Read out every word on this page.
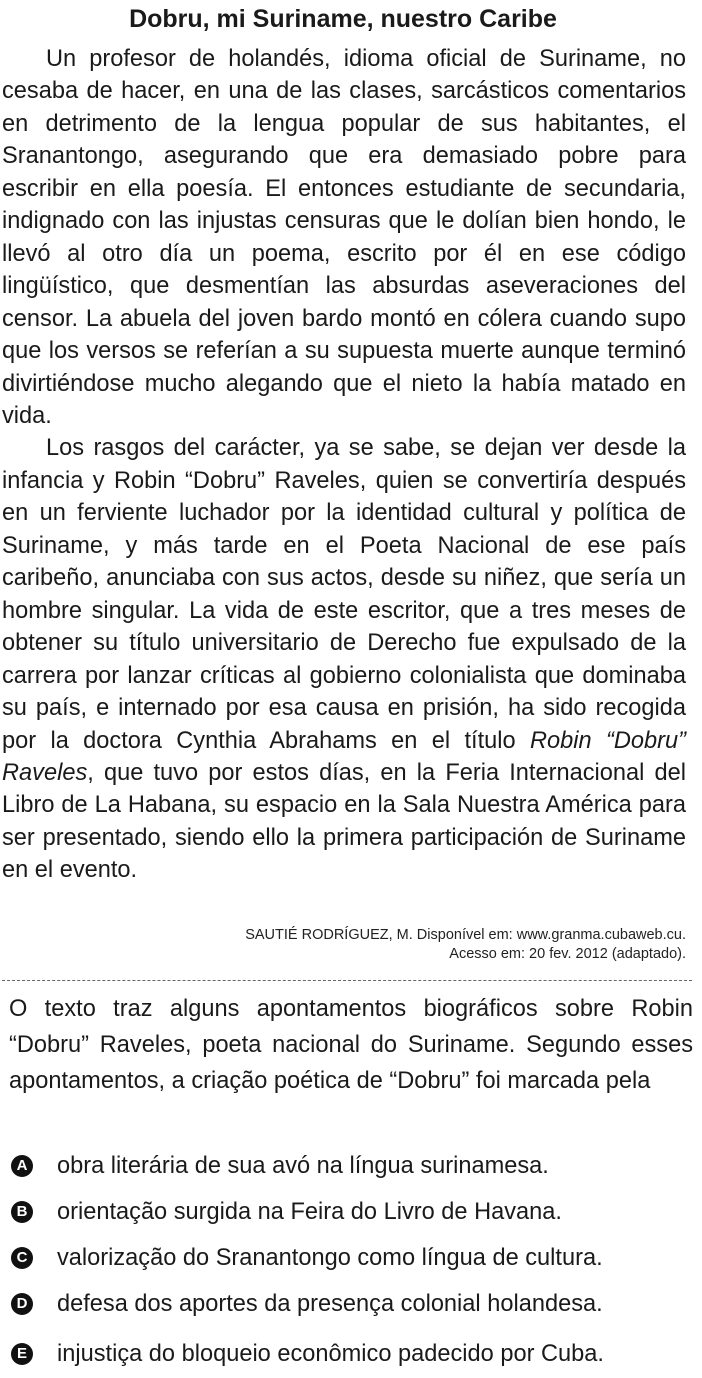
Dobru, mi Suriname, nuestro Caribe

Un profesor de holandés, idioma oficial de Suriname, no cesaba de hacer, en una de las clases, sarcásticos comentarios en detrimento de la lengua popular de sus habitantes, el Sranantongo, asegurando que era demasiado pobre para escribir en ella poesía. El entonces estudiante de secundaria, indignado con las injustas censuras que le dolían bien hondo, le llevó al otro día un poema, escrito por él en ese código lingüístico, que desmentían las absurdas aseveraciones del censor. La abuela del joven bardo montó en cólera cuando supo que los versos se referían a su supuesta muerte aunque terminó divirtiéndose mucho alegando que el nieto la había matado en vida.

Los rasgos del carácter, ya se sabe, se dejan ver desde la infancia y Robin “Dobru” Raveles, quien se convertiría después en un ferviente luchador por la identidad cultural y política de Suriname, y más tarde en el Poeta Nacional de ese país caribeño, anunciaba con sus actos, desde su niñez, que sería un hombre singular. La vida de este escritor, que a tres meses de obtener su título universitario de Derecho fue expulsado de la carrera por lanzar críticas al gobierno colonialista que dominaba su país, e internado por esa causa en prisión, ha sido recogida por la doctora Cynthia Abrahams en el título Robin “Dobru” Raveles, que tuvo por estos días, en la Feria Internacional del Libro de La Habana, su espacio en la Sala Nuestra América para ser presentado, siendo ello la primera participación de Suriname en el evento.

SAUTIÉ RODRÍGUEZ, M. Disponível em: www.granma.cubaweb.cu.
Acesso em: 20 fev. 2012 (adaptado).

O texto traz alguns apontamentos biográficos sobre Robin “Dobru” Raveles, poeta nacional do Suriname. Segundo esses apontamentos, a criação poética de “Dobru” foi marcada pela

A obra literária de sua avó na língua surinamesa.
B orientação surgida na Feira do Livro de Havana.
C valorização do Sranantongo como língua de cultura.
D defesa dos aportes da presença colonial holandesa.
E injustiça do bloqueio econômico padecido por Cuba.
